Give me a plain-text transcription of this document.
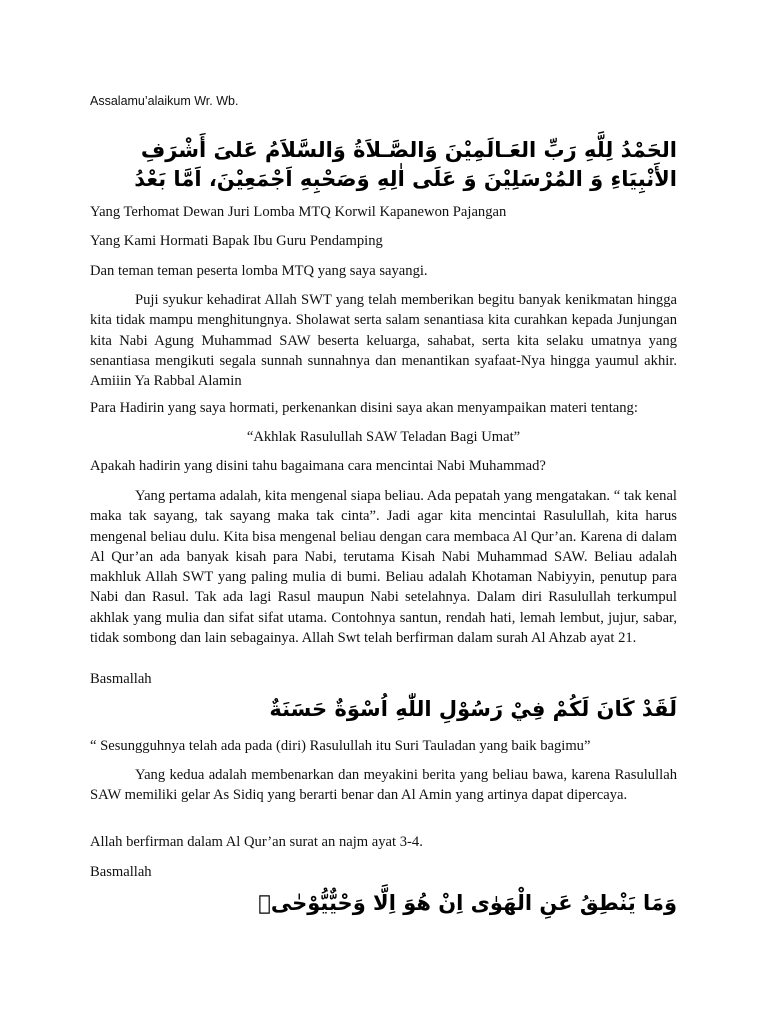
Assalamu’alaikum Wr. Wb.
الحَمْدُ لِلَّهِ رَبِّ العَـالَمِيْنَ وَالصَّـلاَةُ وَالسَّلاَمُ عَلىَ أَشْرَفِ الأَنْبِيَاءِ وَ المُرْسَلِيْنَ وَ عَلَى اٰلِهِ وَصَحْبِهِ اَجْمَعِيْنَ، اَمَّا بَعْدُ

Yang Terhomat Dewan Juri Lomba MTQ Korwil Kapanewon Pajangan

Yang Kami Hormati Bapak Ibu Guru Pendamping

Dan teman teman peserta lomba MTQ yang saya sayangi.

Puji syukur kehadirat Allah SWT yang telah memberikan begitu banyak kenikmatan hingga kita tidak mampu menghitungnya. Sholawat serta salam senantiasa kita curahkan kepada Junjungan kita Nabi Agung Muhammad SAW beserta keluarga, sahabat, serta kita selaku umatnya yang senantiasa mengikuti segala sunnah sunnahnya dan menantikan syafaat-Nya hingga yaumul akhir. Amiiin Ya Rabbal Alamin

Para Hadirin yang saya hormati, perkenankan disini saya akan menyampaikan materi tentang:

“Akhlak Rasulullah SAW Teladan Bagi Umat”

Apakah hadirin yang disini tahu bagaimana cara mencintai Nabi Muhammad?

Yang pertama adalah, kita mengenal siapa beliau. Ada pepatah yang mengatakan. “ tak kenal maka tak sayang, tak sayang maka tak cinta”. Jadi agar kita mencintai Rasulullah, kita harus mengenal beliau dulu. Kita bisa mengenal beliau dengan cara membaca Al Qur’an. Karena di dalam Al Qur’an ada banyak kisah para Nabi, terutama Kisah Nabi Muhammad SAW. Beliau adalah makhluk Allah SWT yang paling mulia di bumi. Beliau adalah Khotaman Nabiyyin, penutup para Nabi dan Rasul. Tak ada lagi Rasul maupun Nabi setelahnya. Dalam diri Rasulullah terkumpul akhlak yang mulia dan sifat sifat utama. Contohnya santun, rendah hati, lemah lembut, jujur, sabar, tidak sombong dan lain sebagainya. Allah Swt telah berfirman dalam surah Al Ahzab ayat 21.

Basmallah

لَقَدْ كَانَ لَكُمْ فِيْ رَسُوْلِ اللّٰهِ اُسْوَةٌ حَسَنَةٌ

“ Sesungguhnya telah ada pada (diri) Rasulullah itu Suri Tauladan yang baik bagimu”

Yang kedua adalah membenarkan dan meyakini berita yang beliau bawa, karena Rasulullah SAW memiliki gelar As Sidiq yang berarti benar dan Al Amin yang artinya dapat dipercaya.

Allah berfirman dalam Al Qur’an surat an najm ayat 3-4.

Basmallah

وَمَا يَنْطِقُ عَنِ الْهَوٰى اِنْ هُوَ اِلَّا وَحْيٌّيُّوْحٰىۙ
